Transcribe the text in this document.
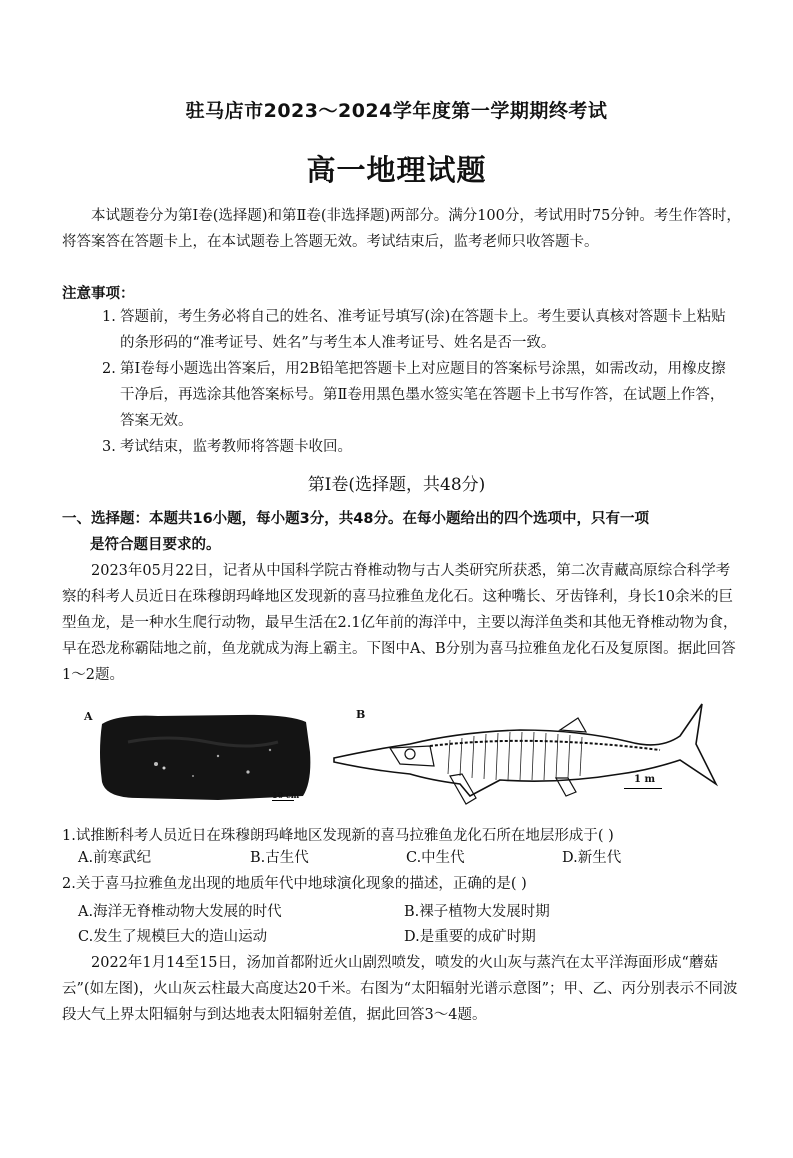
驻马店市2023～2024学年度第一学期期终考试
高一地理试题

本试题卷分为第Ⅰ卷(选择题)和第Ⅱ卷(非选择题)两部分。满分100分，考试用时75分钟。考生作答时，将答案答在答题卡上，在本试题卷上答题无效。考试结束后，监考老师只收答题卡。

注意事项：
1. 答题前，考生务必将自己的姓名、准考证号填写(涂)在答题卡上。考生要认真核对答题卡上粘贴的条形码的“准考证号、姓名”与考生本人准考证号、姓名是否一致。
2. 第Ⅰ卷每小题选出答案后，用2B铅笔把答题卡上对应题目的答案标号涂黑，如需改动，用橡皮擦干净后，再选涂其他答案标号。第Ⅱ卷用黑色墨水签实笔在答题卡上书写作答，在试题上作答，答案无效。
3. 考试结束，监考教师将答题卡收回。
第Ⅰ卷(选择题，共48分)
一、选择题：本题共16小题，每小题3分，共48分。在每小题给出的四个选项中，只有一项
是符合题目要求的。

2023年05月22日，记者从中国科学院古脊椎动物与古人类研究所获悉，第二次青藏高原综合科学考察的科考人员近日在珠穆朗玛峰地区发现新的喜马拉雅鱼龙化石。这种嘴长、牙齿锋利，身长10余米的巨型鱼龙，是一种水生爬行动物，最早生活在2.1亿年前的海洋中，主要以海洋鱼类和其他无脊椎动物为食，早在恐龙称霸陆地之前，鱼龙就成为海上霸主。下图中A、B分别为喜马拉雅鱼龙化石及复原图。据此回答1～2题。

A
10 cm
B
1 m
1.试推断科考人员近日在珠穆朗玛峰地区发现新的喜马拉雅鱼龙化石所在地层形成于( )
A.前寒武纪	B.古生代	C.中生代	D.新生代
2.关于喜马拉雅鱼龙出现的地质年代中地球演化现象的描述，正确的是( )
A.海洋无脊椎动物大发展的时代	B.裸子植物大发展时期
C.发生了规模巨大的造山运动	D.是重要的成矿时期

2022年1月14至15日，汤加首都附近火山剧烈喷发，喷发的火山灰与蒸汽在太平洋海面形成“蘑菇云”(如左图)，火山灰云柱最大高度达20千米。右图为“太阳辐射光谱示意图”；甲、乙、丙分别表示不同波段大气上界太阳辐射与到达地表太阳辐射差值，据此回答3～4题。
